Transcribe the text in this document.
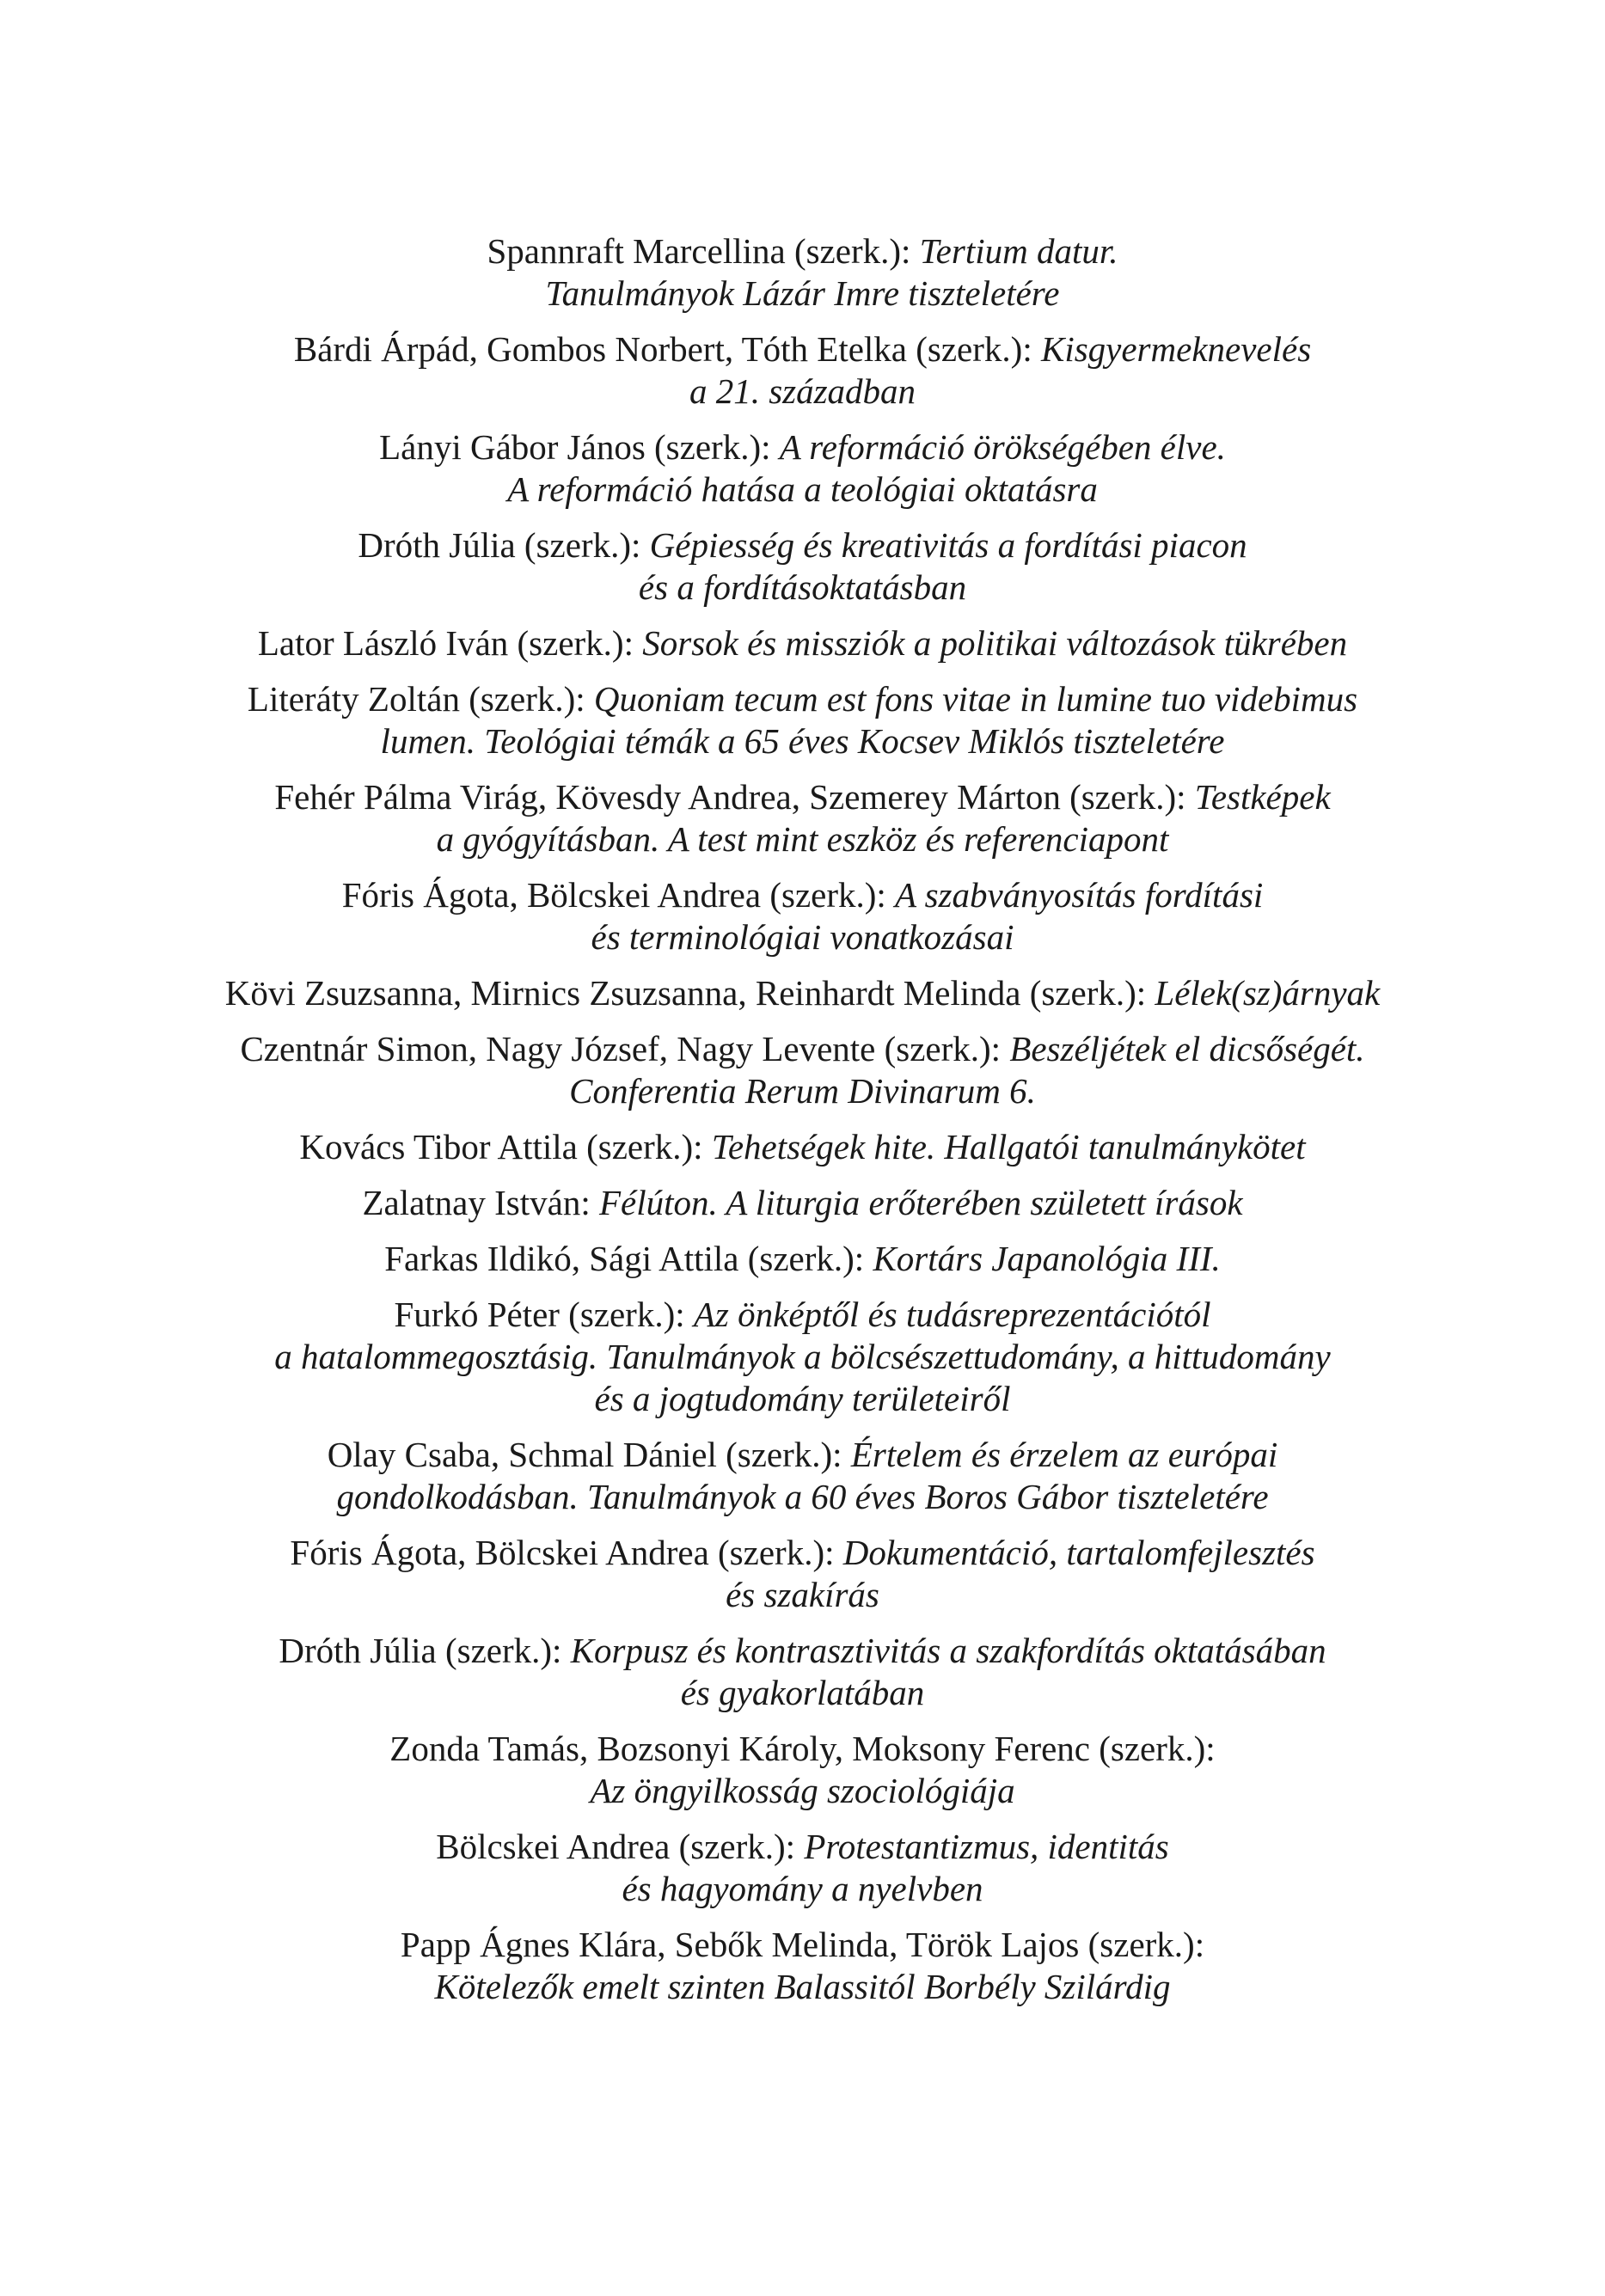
Spannraft Marcellina (szerk.): Tertium datur.
Tanulmányok Lázár Imre tiszteletére

Bárdi Árpád, Gombos Norbert, Tóth Etelka (szerk.): Kisgyermeknevelés
a 21. században

Lányi Gábor János (szerk.): A reformáció örökségében élve.
A reformáció hatása a teológiai oktatásra

Dróth Júlia (szerk.): Gépiesség és kreativitás a fordítási piacon
és a fordításoktatásban

Lator László Iván (szerk.): Sorsok és missziók a politikai változások tükrében

Literáty Zoltán (szerk.): Quoniam tecum est fons vitae in lumine tuo videbimus
lumen. Teológiai témák a 65 éves Kocsev Miklós tiszteletére

Fehér Pálma Virág, Kövesdy Andrea, Szemerey Márton (szerk.): Testképek
a gyógyításban. A test mint eszköz és referenciapont

Fóris Ágota, Bölcskei Andrea (szerk.): A szabványosítás fordítási
és terminológiai vonatkozásai

Kövi Zsuzsanna, Mirnics Zsuzsanna, Reinhardt Melinda (szerk.): Lélek(sz)árnyak

Czentnár Simon, Nagy József, Nagy Levente (szerk.): Beszéljétek el dicsőségét.
Conferentia Rerum Divinarum 6.

Kovács Tibor Attila (szerk.): Tehetségek hite. Hallgatói tanulmánykötet

Zalatnay István: Félúton. A liturgia erőterében született írások

Farkas Ildikó, Sági Attila (szerk.): Kortárs Japanológia III.

Furkó Péter (szerk.): Az önképtől és tudásreprezentációtól
a hatalommegosztásig. Tanulmányok a bölcsészettudomány, a hittudomány
és a jogtudomány területeiről

Olay Csaba, Schmal Dániel (szerk.): Értelem és érzelem az európai
gondolkodásban. Tanulmányok a 60 éves Boros Gábor tiszteletére

Fóris Ágota, Bölcskei Andrea (szerk.): Dokumentáció, tartalomfejlesztés
és szakírás

Dróth Júlia (szerk.): Korpusz és kontrasztivitás a szakfordítás oktatásában
és gyakorlatában

Zonda Tamás, Bozsonyi Károly, Moksony Ferenc (szerk.):
Az öngyilkosság szociológiája

Bölcskei Andrea (szerk.): Protestantizmus, identitás
és hagyomány a nyelvben

Papp Ágnes Klára, Sebők Melinda, Török Lajos (szerk.):
Kötelezők emelt szinten Balassitól Borbély Szilárdig
